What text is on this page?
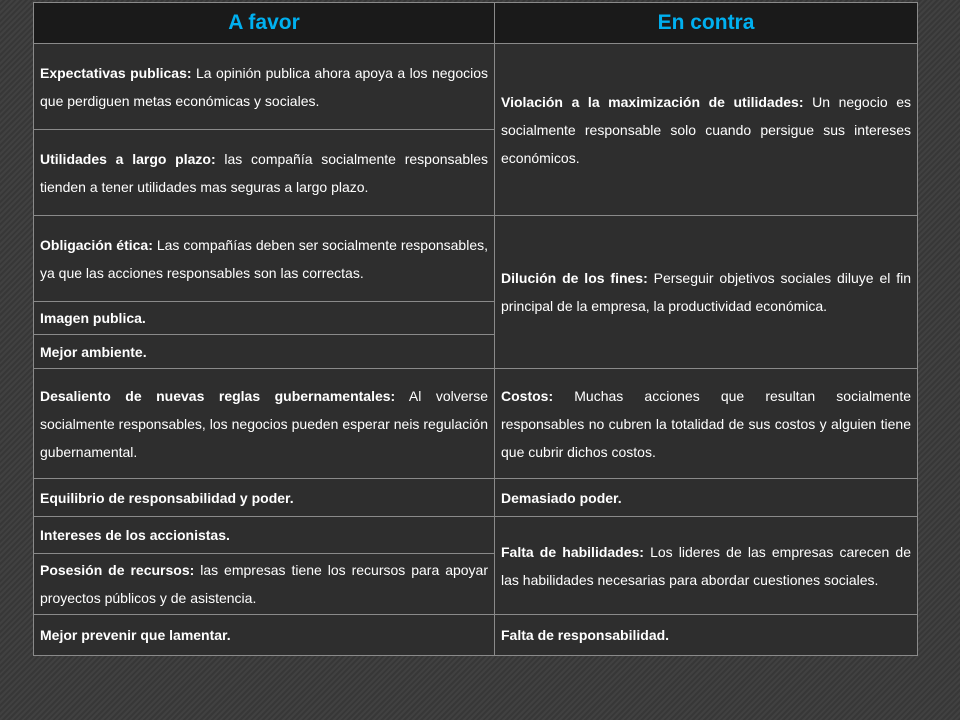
A favor	En contra
Expectativas publicas: La opinión publica ahora apoya a los negocios que perdiguen metas económicas y sociales.	Violación a la maximización de utilidades: Un negocio es socialmente responsable solo cuando persigue sus intereses económicos.
Utilidades a largo plazo: las compañía socialmente responsables tienden a tener utilidades mas seguras a largo plazo.	
Obligación ética: Las compañías deben ser socialmente responsables, ya que las acciones responsables son las correctas.	Dilución de los fines: Perseguir objetivos sociales diluye el fin principal de la empresa, la productividad económica.
Imagen publica.	
Mejor ambiente.	
Desaliento de nuevas reglas gubernamentales: Al volverse socialmente responsables, los negocios pueden esperar neis regulación gubernamental.	Costos: Muchas acciones que resultan socialmente responsables no cubren la totalidad de sus costos y alguien tiene que cubrir dichos costos.
Equilibrio de responsabilidad y poder.	Demasiado poder.
Intereses de los accionistas.	Falta de habilidades: Los lideres de las empresas carecen de las habilidades necesarias para abordar cuestiones sociales.
Posesión de recursos: las empresas tiene los recursos para apoyar proyectos públicos y de asistencia.	
Mejor prevenir que lamentar.	Falta de responsabilidad.
